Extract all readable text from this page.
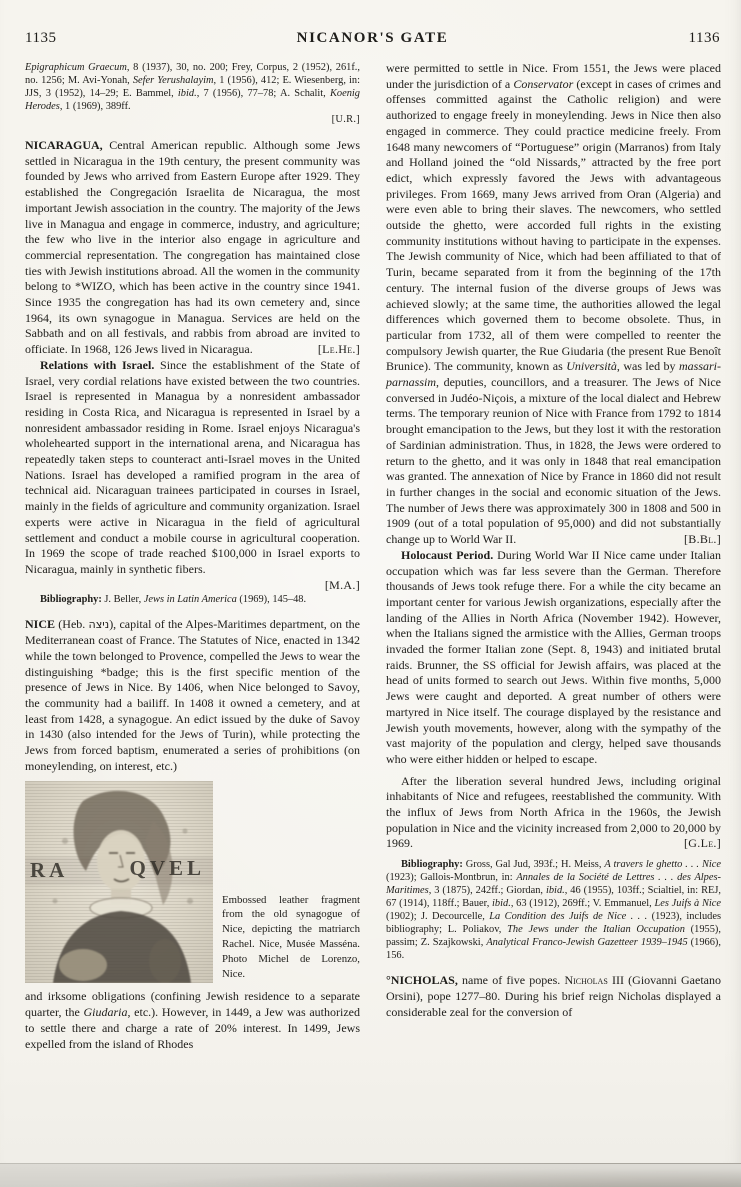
1135	NICANOR'S GATE	1136

Epigraphicum Graecum, 8 (1937), 30, no. 200; Frey, Corpus, 2 (1952), 261f., no. 1256; M. Avi-Yonah, Sefer Yerushalayim, 1 (1956), 412; E. Wiesenberg, in: JJS, 3 (1952), 14–29; E. Bammel, ibid., 7 (1956), 77–78; A. Schalit, Koenig Herodes, 1 (1969), 389ff.

[U.R.]

NICARAGUA, Central American republic. Although some Jews settled in Nicaragua in the 19th century, the present community was founded by Jews who arrived from Eastern Europe after 1929. They established the Congregación Israelita de Nicaragua, the most important Jewish association in the country. The majority of the Jews live in Managua and engage in commerce, industry, and agriculture; the few who live in the interior also engage in agriculture and commercial representation. The congregation has maintained close ties with Jewish institutions abroad. All the women in the community belong to *WIZO, which has been active in the country since 1941. Since 1935 the congregation has had its own cemetery and, since 1964, its own synagogue in Managua. Services are held on the Sabbath and on all festivals, and rabbis from abroad are invited to officiate. In 1968, 126 Jews lived in Nicaragua.	[Le.He.]

Relations with Israel. Since the establishment of the State of Israel, very cordial relations have existed between the two countries. Israel is represented in Managua by a nonresident ambassador residing in Costa Rica, and Nicaragua is represented in Israel by a nonresident ambassador residing in Rome. Israel enjoys Nicaragua's wholehearted support in the international arena, and Nicaragua has repeatedly taken steps to counteract anti-Israel moves in the United Nations. Israel has developed a ramified program in the area of technical aid. Nicaraguan trainees participated in courses in Israel, mainly in the fields of agriculture and community organization. Israel experts were active in Nicaragua in the field of agricultural settlement and conduct a mobile course in agricultural cooperation. In 1969 the scope of trade reached $100,000 in Israel exports to Nicaragua, mainly in synthetic fibers.

[M.A.]

Bibliography: J. Beller, Jews in Latin America (1969), 145–48.

NICE (Heb. ניצה), capital of the Alpes-Maritimes department, on the Mediterranean coast of France. The Statutes of Nice, enacted in 1342 while the town belonged to Provence, compelled the Jews to wear the distinguishing *badge; this is the first specific mention of the presence of Jews in Nice. By 1406, when Nice belonged to Savoy, the community had a bailiff. In 1408 it owned a cemetery, and at least from 1428, a synagogue. An edict issued by the duke of Savoy in 1430 (also intended for the Jews of Turin), while protecting the Jews from forced baptism, enumerated a series of prohibitions (on moneylending, on interest, etc.)

RA	QVEL
Embossed leather fragment from the old synagogue of Nice, depicting the matriarch Rachel. Nice, Musée Masséna. Photo Michel de Lorenzo, Nice.

and irksome obligations (confining Jewish residence to a separate quarter, the Giudaria, etc.). However, in 1449, a Jew was authorized to settle there and charge a rate of 20% interest. In 1499, Jews expelled from the island of Rhodes

were permitted to settle in Nice. From 1551, the Jews were placed under the jurisdiction of a Conservator (except in cases of crimes and offenses committed against the Catholic religion) and were authorized to engage freely in moneylending. Jews in Nice then also engaged in commerce. They could practice medicine freely. From 1648 many newcomers of “Portuguese” origin (Marranos) from Italy and Holland joined the “old Nissards,” attracted by the free port edict, which expressly favored the Jews with advantageous privileges. From 1669, many Jews arrived from Oran (Algeria) and were even able to bring their slaves. The newcomers, who settled outside the ghetto, were accorded full rights in the existing community institutions without having to participate in the expenses. The Jewish community of Nice, which had been affiliated to that of Turin, became separated from it from the beginning of the 17th century. The internal fusion of the diverse groups of Jews was achieved slowly; at the same time, the authorities allowed the legal differences which governed them to become obsolete. Thus, in particular from 1732, all of them were compelled to reenter the compulsory Jewish quarter, the Rue Giudaria (the present Rue Benoît Brunice). The community, known as Università, was led by massari-parnassim, deputies, councillors, and a treasurer. The Jews of Nice conversed in Judéo-Niçois, a mixture of the local dialect and Hebrew terms. The temporary reunion of Nice with France from 1792 to 1814 brought emancipation to the Jews, but they lost it with the restoration of Sardinian administration. Thus, in 1828, the Jews were ordered to return to the ghetto, and it was only in 1848 that real emancipation was granted. The annexation of Nice by France in 1860 did not result in further changes in the social and economic situation of the Jews. The number of Jews there was approximately 300 in 1808 and 500 in 1909 (out of a total population of 95,000) and did not substantially change up to World War II.	[B.Bl.]

Holocaust Period. During World War II Nice came under Italian occupation which was far less severe than the German. Therefore thousands of Jews took refuge there. For a while the city became an important center for various Jewish organizations, especially after the landing of the Allies in North Africa (November 1942). However, when the Italians signed the armistice with the Allies, German troops invaded the former Italian zone (Sept. 8, 1943) and initiated brutal raids. Brunner, the SS official for Jewish affairs, was placed at the head of units formed to search out Jews. Within five months, 5,000 Jews were caught and deported. A great number of others were martyred in Nice itself. The courage displayed by the resistance and Jewish youth movements, however, along with the sympathy of the vast majority of the population and clergy, helped save thousands who were either hidden or helped to escape.

After the liberation several hundred Jews, including original inhabitants of Nice and refugees, reestablished the community. With the influx of Jews from North Africa in the 1960s, the Jewish population in Nice and the vicinity increased from 2,000 to 20,000 by 1969.	[G.Le.]

Bibliography: Gross, Gal Jud, 393f.; H. Meiss, A travers le ghetto . . . Nice (1923); Gallois-Montbrun, in: Annales de la Société de Lettres . . . des Alpes-Maritimes, 3 (1875), 242ff.; Giordan, ibid., 46 (1955), 103ff.; Scialtiel, in: REJ, 67 (1914), 118ff.; Bauer, ibid., 63 (1912), 269ff.; V. Emmanuel, Les Juifs à Nice (1902); J. Decourcelle, La Condition des Juifs de Nice . . . (1923), includes bibliography; L. Poliakov, The Jews under the Italian Occupation (1955), passim; Z. Szajkowski, Analytical Franco-Jewish Gazetteer 1939–1945 (1966), 156.

°NICHOLAS, name of five popes. Nicholas III (Giovanni Gaetano Orsini), pope 1277–80. During his brief reign Nicholas displayed a considerable zeal for the conversion of
